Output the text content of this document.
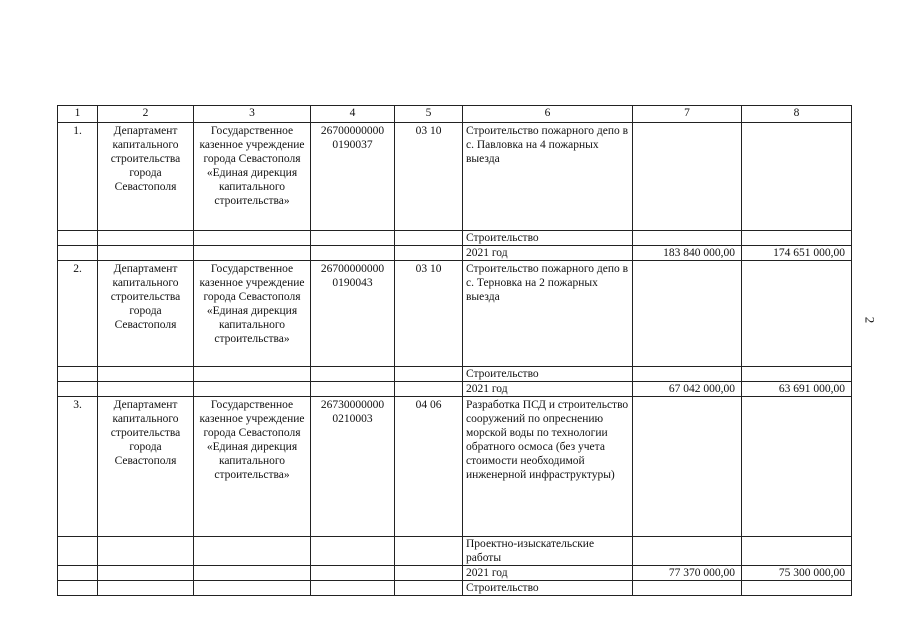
2
1	2	3	4	5	6	7	8
1.	Департамент капитального строительства города Севастополя	Государственное казенное учреждение города Севастополя «Единая дирекция капитального строительства»	26700000000 0190037	03 10	Строительство пожарного депо в с. Павловка на 4 пожарных выезда		
					Строительство		
					2021 год	183 840 000,00	174 651 000,00
2.	Департамент капитального строительства города Севастополя	Государственное казенное учреждение города Севастополя «Единая дирекция капитального строительства»	26700000000 0190043	03 10	Строительство пожарного депо в с. Терновка на 2 пожарных выезда		
					Строительство		
					2021 год	67 042 000,00	63 691 000,00
3.	Департамент капитального строительства города Севастополя	Государственное казенное учреждение города Севастополя «Единая дирекция капитального строительства»	26730000000 0210003	04 06	Разработка ПСД и строительство сооружений по опреснению морской воды по технологии обратного осмоса (без учета стоимости необходимой инженерной инфраструктуры)		
					Проектно-изыскательские работы		
					2021 год	77 370 000,00	75 300 000,00
					Строительство		
